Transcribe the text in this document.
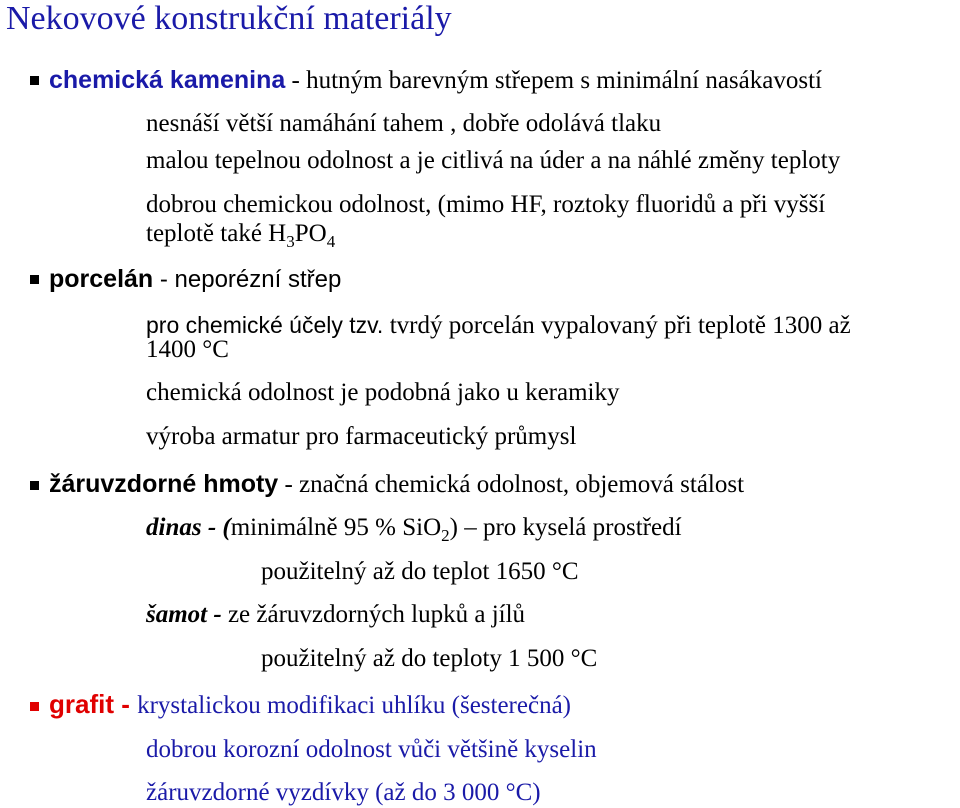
Nekovové konstrukční materiály
chemická kamenina - hutným barevným střepem s minimální nasákavostí
nesnáší větší namáhání tahem , dobře odolává tlaku
malou tepelnou odolnost a je citlivá na úder a na náhlé změny teploty
dobrou chemickou odolnost, (mimo HF, roztoky fluoridů a při vyšší
teplotě také $H_3PO_4$
porcelán - neporézní střep
pro chemické účely tzv. tvrdý porcelán vypalovaný při teplotě 1300 až
1400 °C
chemická odolnost je podobná jako u keramiky
výroba armatur pro farmaceutický průmysl
žáruvzdorné hmoty - značná chemická odolnost, objemová stálost
dinas - (minimálně 95 % SiO$_2$) – pro kyselá prostředí
použitelný až do teplot 1650 °C
šamot - ze žáruvzdorných lupků a jílů
použitelný až do teploty 1 500 °C
grafit - krystalickou modifikaci uhlíku (šesterečná)
dobrou korozní odolnost vůči většině kyselin
žáruvzdorné vyzdívky (až do 3 000 °C)
